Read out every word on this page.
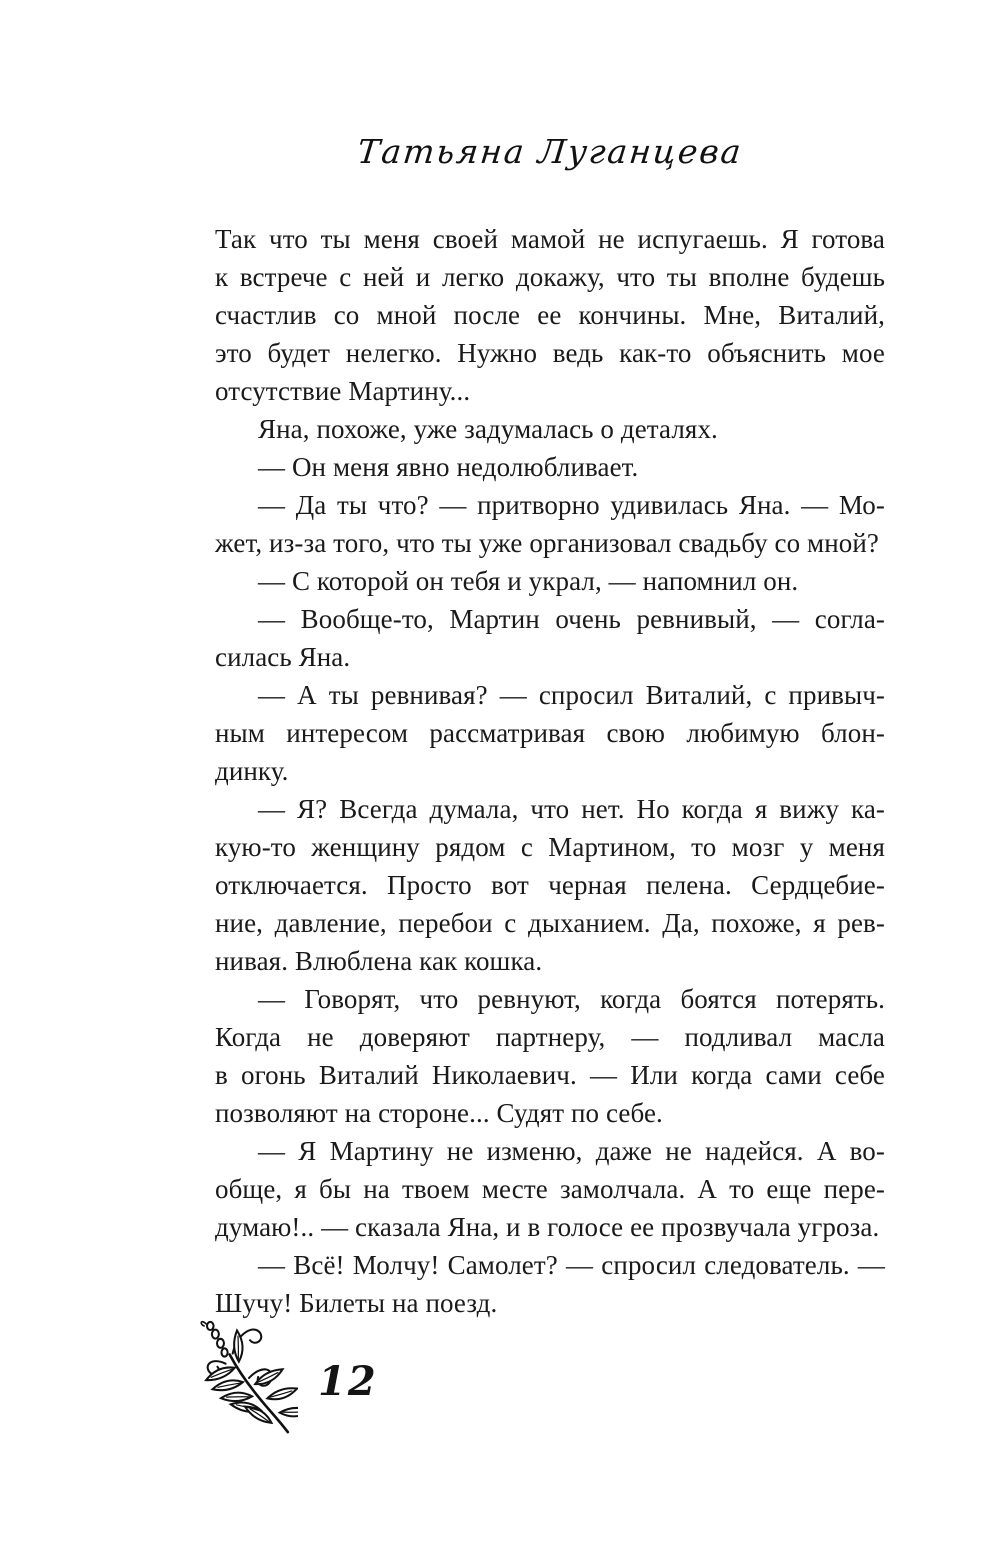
Татьяна Луганцева
Так что ты меня своей мамой не испугаешь. Я готова
к встрече с ней и легко докажу, что ты вполне будешь
счастлив со мной после ее кончины. Мне, Виталий,
это будет нелегко. Нужно ведь как-то объяснить мое
отсутствие Мартину...
Яна, похоже, уже задумалась о деталях.
— Он меня явно недолюбливает.
— Да ты что? — притворно удивилась Яна. — Мо-
жет, из-за того, что ты уже организовал свадьбу со мной?
— С которой он тебя и украл, — напомнил он.
— Вообще-то, Мартин очень ревнивый, — согла-
силась Яна.
— А ты ревнивая? — спросил Виталий, с привыч-
ным интересом рассматривая свою любимую блон-
динку.
— Я? Всегда думала, что нет. Но когда я вижу ка-
кую-то женщину рядом с Мартином, то мозг у меня
отключается. Просто вот черная пелена. Сердцебие-
ние, давление, перебои с дыханием. Да, похоже, я рев-
нивая. Влюблена как кошка.
— Говорят, что ревнуют, когда боятся потерять.
Когда не доверяют партнеру, — подливал масла
в огонь Виталий Николаевич. — Или когда сами себе
позволяют на стороне... Судят по себе.
— Я Мартину не изменю, даже не надейся. А во-
обще, я бы на твоем месте замолчала. А то еще пере-
думаю!.. — сказала Яна, и в голосе ее прозвучала угроза.
— Всё! Молчу! Самолет? — спросил следователь. —
Шучу! Билеты на поезд.
12
